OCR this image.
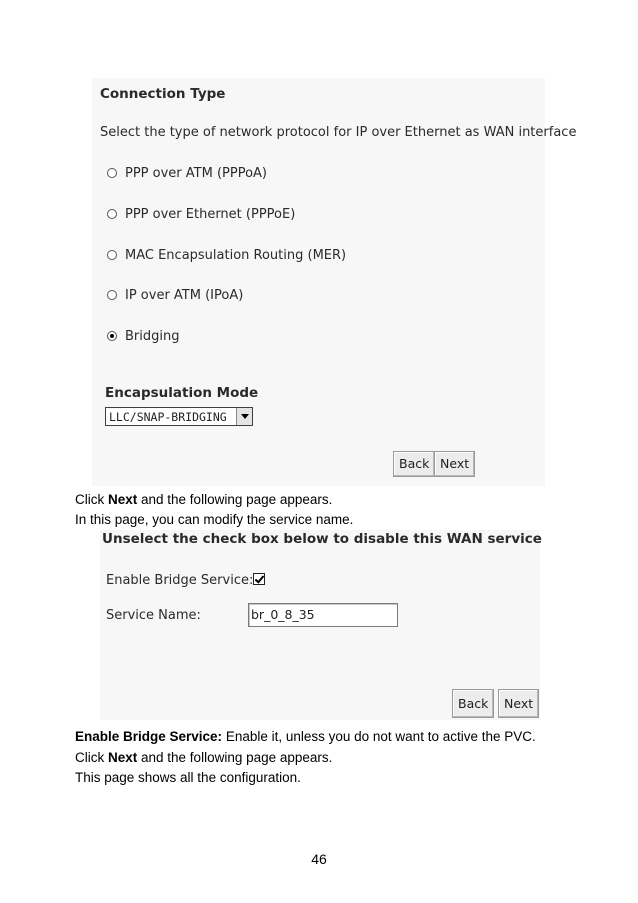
Connection Type
Select the type of network protocol for IP over Ethernet as WAN interface
PPP over ATM (PPPoA)
PPP over Ethernet (PPPoE)
MAC Encapsulation Routing (MER)
IP over ATM (IPoA)
Bridging
Encapsulation Mode
LLC/SNAP-BRIDGING
Back Next
Click Next and the following page appears.
In this page, you can modify the service name.
Unselect the check box below to disable this WAN service
Enable Bridge Service:
Service Name:	br_0_8_35
Back	Next
Enable Bridge Service: Enable it, unless you do not want to active the PVC.
Click Next and the following page appears.
This page shows all the configuration.
46
